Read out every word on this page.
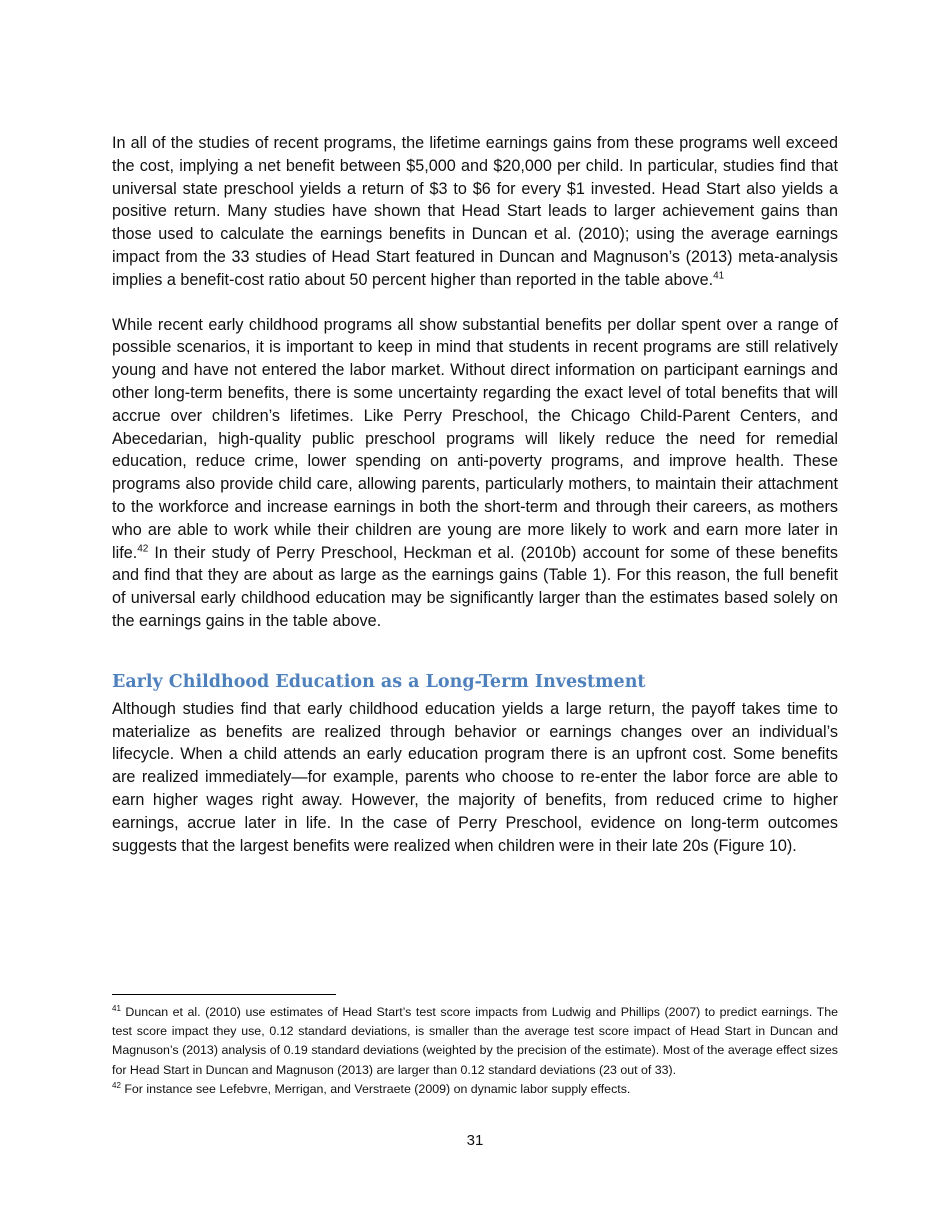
In all of the studies of recent programs, the lifetime earnings gains from these programs well exceed the cost, implying a net benefit between $5,000 and $20,000 per child. In particular, studies find that universal state preschool yields a return of $3 to $6 for every $1 invested. Head Start also yields a positive return. Many studies have shown that Head Start leads to larger achievement gains than those used to calculate the earnings benefits in Duncan et al. (2010); using the average earnings impact from the 33 studies of Head Start featured in Duncan and Magnuson’s (2013) meta-analysis implies a benefit-cost ratio about 50 percent higher than reported in the table above.$^{41}$

While recent early childhood programs all show substantial benefits per dollar spent over a range of possible scenarios, it is important to keep in mind that students in recent programs are still relatively young and have not entered the labor market. Without direct information on participant earnings and other long-term benefits, there is some uncertainty regarding the exact level of total benefits that will accrue over children’s lifetimes. Like Perry Preschool, the Chicago Child-Parent Centers, and Abecedarian, high-quality public preschool programs will likely reduce the need for remedial education, reduce crime, lower spending on anti-poverty programs, and improve health. These programs also provide child care, allowing parents, particularly mothers, to maintain their attachment to the workforce and increase earnings in both the short-term and through their careers, as mothers who are able to work while their children are young are more likely to work and earn more later in life.$^{42}$ In their study of Perry Preschool, Heckman et al. (2010b) account for some of these benefits and find that they are about as large as the earnings gains (Table 1). For this reason, the full benefit of universal early childhood education may be significantly larger than the estimates based solely on the earnings gains in the table above.

Early Childhood Education as a Long-Term Investment

Although studies find that early childhood education yields a large return, the payoff takes time to materialize as benefits are realized through behavior or earnings changes over an individual’s lifecycle. When a child attends an early education program there is an upfront cost. Some benefits are realized immediately—for example, parents who choose to re-enter the labor force are able to earn higher wages right away. However, the majority of benefits, from reduced crime to higher earnings, accrue later in life. In the case of Perry Preschool, evidence on long-term outcomes suggests that the largest benefits were realized when children were in their late 20s (Figure 10).

$^{41}$ Duncan et al. (2010) use estimates of Head Start’s test score impacts from Ludwig and Phillips (2007) to predict earnings. The test score impact they use, 0.12 standard deviations, is smaller than the average test score impact of Head Start in Duncan and Magnuson’s (2013) analysis of 0.19 standard deviations (weighted by the precision of the estimate). Most of the average effect sizes for Head Start in Duncan and Magnuson (2013) are larger than 0.12 standard deviations (23 out of 33).

$^{42}$ For instance see Lefebvre, Merrigan, and Verstraete (2009) on dynamic labor supply effects.

31
